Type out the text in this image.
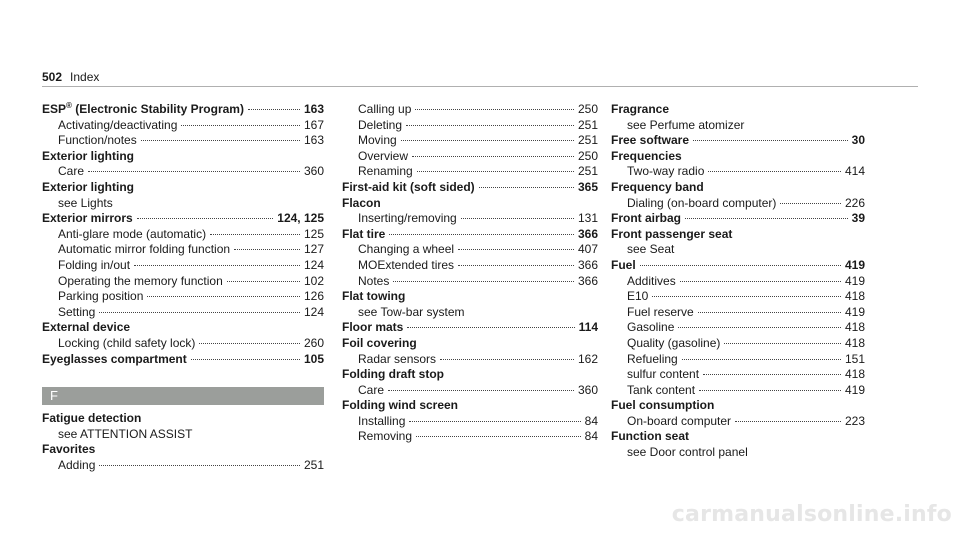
502 Index
ESP® (Electronic Stability Program)	163
Activating/deactivating	167
Function/notes	163
Exterior lighting
Care	360
Exterior lighting
see Lights
Exterior mirrors	124, 125
Anti-glare mode (automatic)	125
Automatic mirror folding function	127
Folding in/out	124
Operating the memory function	102
Parking position	126
Setting	124
External device
Locking (child safety lock)	260
Eyeglasses compartment	105
F
Fatigue detection
see ATTENTION ASSIST
Favorites
Adding	251
Calling up	250
Deleting	251
Moving	251
Overview	250
Renaming	251
First-aid kit (soft sided)	365
Flacon
Inserting/removing	131
Flat tire	366
Changing a wheel	407
MOExtended tires	366
Notes	366
Flat towing
see Tow-bar system
Floor mats	114
Foil covering
Radar sensors	162
Folding draft stop
Care	360
Folding wind screen
Installing	84
Removing	84
Fragrance
see Perfume atomizer
Free software	30
Frequencies
Two-way radio	414
Frequency band
Dialing (on-board computer)	226
Front airbag	39
Front passenger seat
see Seat
Fuel	419
Additives	419
E10	418
Fuel reserve	419
Gasoline	418
Quality (gasoline)	418
Refueling	151
sulfur content	418
Tank content	419
Fuel consumption
On-board computer	223
Function seat
see Door control panel
carmanualsonline.info
